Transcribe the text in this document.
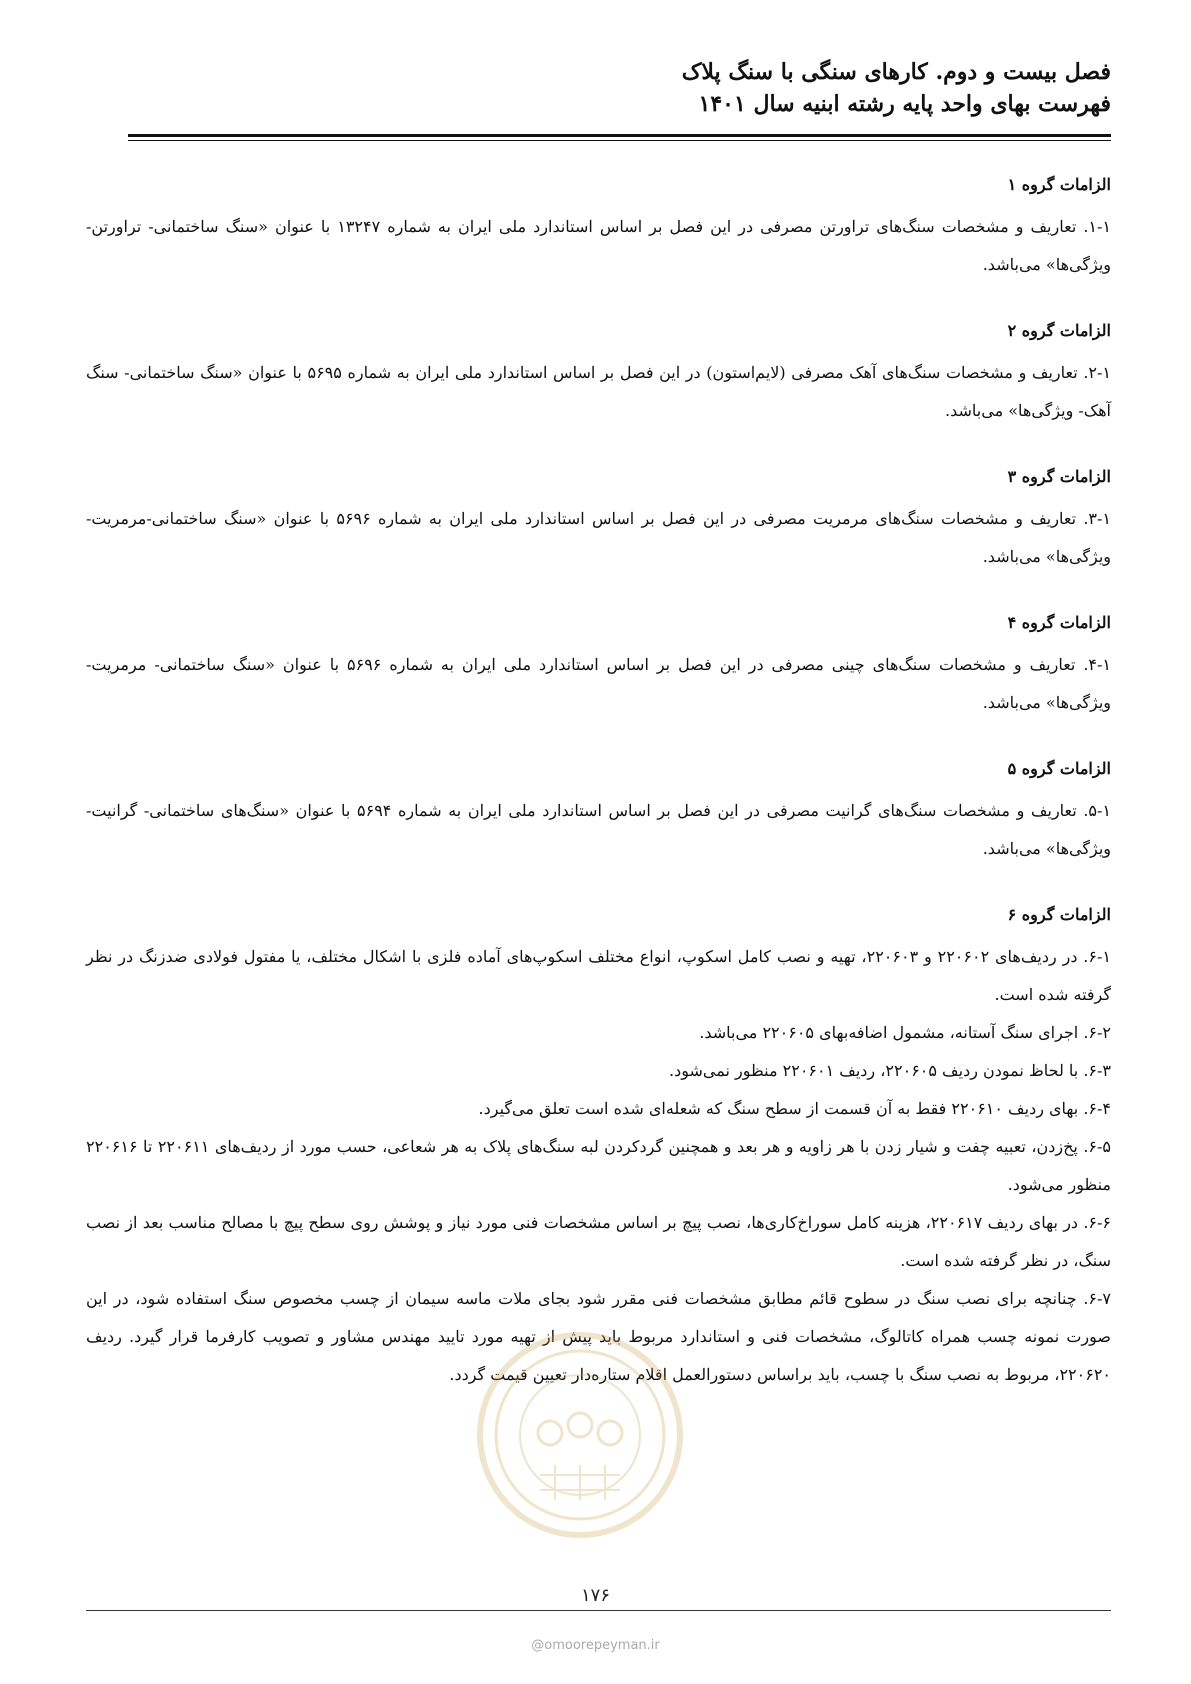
فصل بیست و دوم. کارهای سنگی با سنگ پلاک
فهرست بهای واحد پایه رشته ابنیه سال ۱۴۰۱
الزامات گروه ۱

۱-۱. تعاریف و مشخصات سنگ‌های تراورتن مصرفی در این فصل بر اساس استاندارد ملی ایران به شماره ۱۳۲۴۷ با عنوان «سنگ ساختمانی- تراورتن- ویژگی‌ها» می‌باشد.

الزامات گروه ۲

۲-۱. تعاریف و مشخصات سنگ‌های آهک مصرفی (لایم‌استون) در این فصل بر اساس استاندارد ملی ایران به شماره ۵۶۹۵ با عنوان «سنگ ساختمانی- سنگ آهک- ویژگی‌ها» می‌باشد.

الزامات گروه ۳

۳-۱. تعاریف و مشخصات سنگ‌های مرمریت مصرفی در این فصل بر اساس استاندارد ملی ایران به شماره ۵۶۹۶ با عنوان «سنگ ساختمانی-مرمریت- ویژگی‌ها» می‌باشد.

الزامات گروه ۴

۴-۱. تعاریف و مشخصات سنگ‌های چینی مصرفی در این فصل بر اساس استاندارد ملی ایران به شماره ۵۶۹۶ با عنوان «سنگ ساختمانی- مرمریت- ویژگی‌ها» می‌باشد.

الزامات گروه ۵

۵-۱. تعاریف و مشخصات سنگ‌های گرانیت مصرفی در این فصل بر اساس استاندارد ملی ایران به شماره ۵۶۹۴ با عنوان «سنگ‌های ساختمانی- گرانیت- ویژگی‌ها» می‌باشد.

الزامات گروه ۶

۶-۱. در ردیف‌های ۲۲۰۶۰۲ و ۲۲۰۶۰۳، تهیه و نصب کامل اسکوپ، انواع مختلف اسکوپ‌های آماده فلزی با اشکال مختلف، یا مفتول فولادی ضدزنگ در نظر گرفته شده است.

۶-۲. اجرای سنگ آستانه، مشمول اضافه‌بهای ۲۲۰۶۰۵ می‌باشد.

۶-۳. با لحاظ نمودن ردیف ۲۲۰۶۰۵، ردیف ۲۲۰۶۰۱ منظور نمی‌شود.

۶-۴. بهای ردیف ۲۲۰۶۱۰ فقط به آن قسمت از سطح سنگ که شعله‌ای شده است تعلق می‌گیرد.

۶-۵. پخ‌زدن، تعبیه چفت و شیار زدن با هر زاویه و هر بعد و همچنین گردکردن لبه سنگ‌های پلاک به هر شعاعی، حسب مورد از ردیف‌های ۲۲۰۶۱۱ تا ۲۲۰۶۱۶ منظور می‌شود.

۶-۶. در بهای ردیف ۲۲۰۶۱۷، هزینه کامل سوراخ‌کاری‌ها، نصب پیچ بر اساس مشخصات فنی مورد نیاز و پوشش روی سطح پیچ با مصالح مناسب بعد از نصب سنگ، در نظر گرفته شده است.

۶-۷. چنانچه برای نصب سنگ در سطوح قائم مطابق مشخصات فنی مقرر شود بجای ملات ماسه سیمان از چسب مخصوص سنگ استفاده شود، در این صورت نمونه چسب همراه کاتالوگ، مشخصات فنی و استاندارد مربوط باید پیش از تهیه مورد تایید مهندس مشاور و تصویب کارفرما قرار گیرد. ردیف ۲۲۰۶۲۰، مربوط به نصب سنگ با چسب، باید براساس دستورالعمل اقلام ستاره‌دار تعیین قیمت گردد.

۱۷۶
@omoorepeyman.ir
